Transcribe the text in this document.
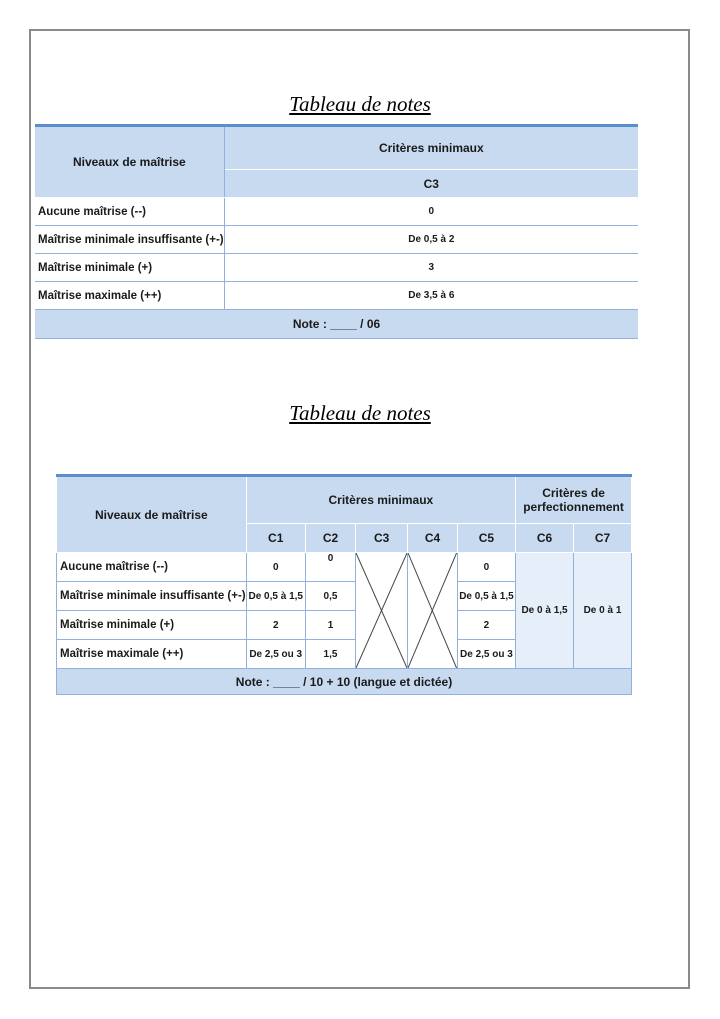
Tableau de notes
Niveaux de maîtrise	Critères minimaux
	C3
Aucune maîtrise (--)	0
Maîtrise minimale insuffisante (+-)	De 0,5 à 2
Maîtrise minimale (+)	3
Maîtrise maximale (++)	De 3,5 à 6
Note : ____ / 06	
Tableau de notes
Niveaux de maîtrise	Critères minimaux					Critères de perfectionnement	
	C1	C2	C3	C4	C5	C6	C7
Aucune maîtrise (--)	0	0			0	De 0 à 1,5	De 0 à 1
Maîtrise minimale insuffisante (+-)	De 0,5 à 1,5	0,5			De 0,5 à 1,5		
Maîtrise minimale (+)	2	1			2		
Maîtrise maximale (++)	De 2,5 ou 3	1,5			De 2,5 ou 3		
Note : ____ / 10 + 10 (langue et dictée)							
